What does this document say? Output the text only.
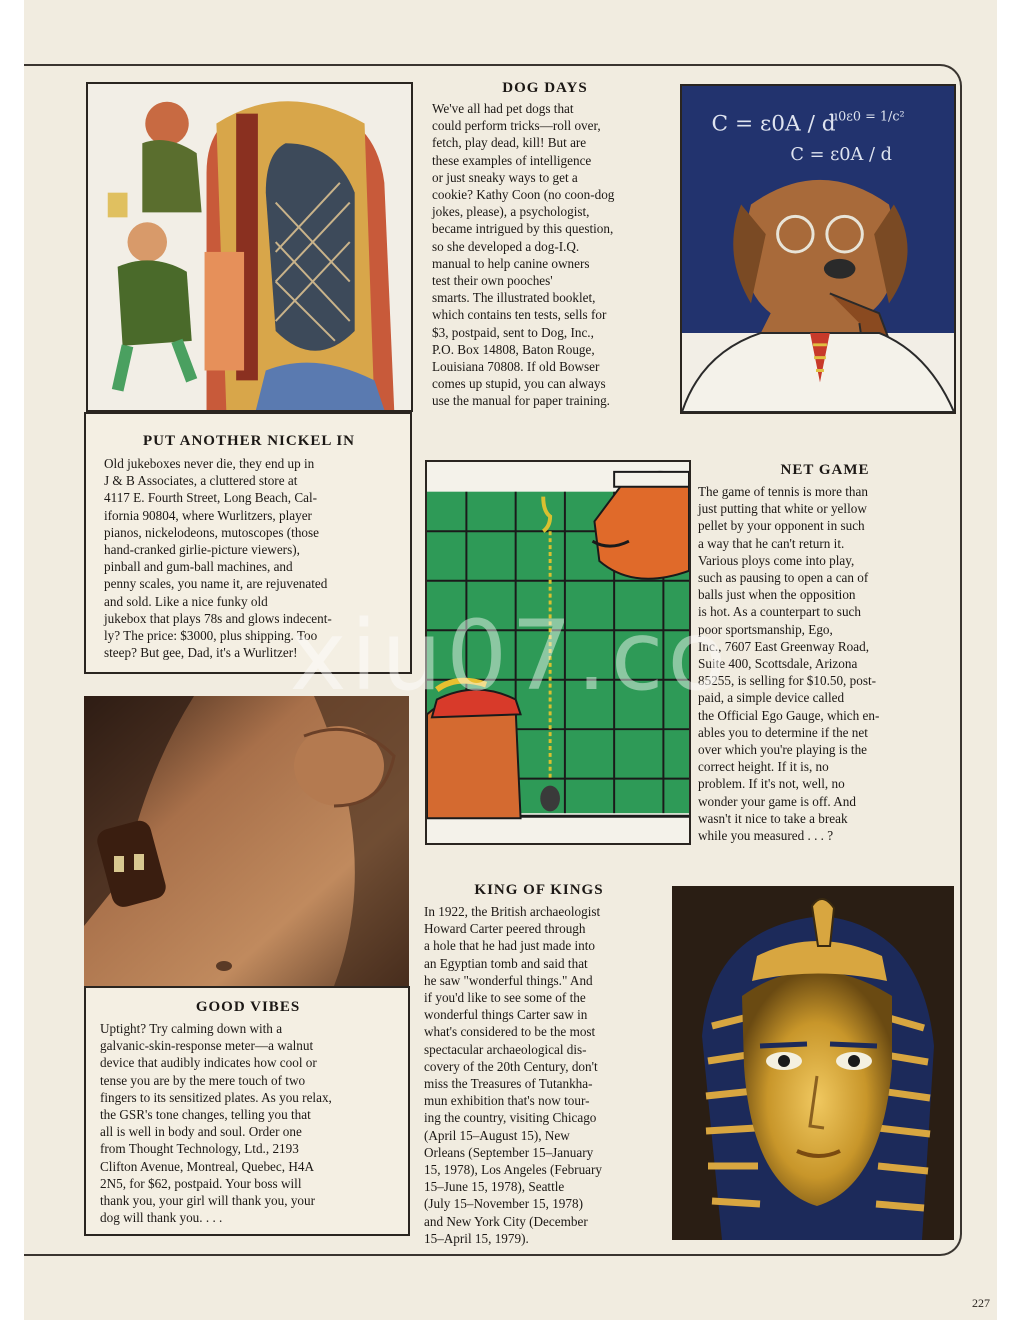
DOG DAYS
We've all had pet dogs that
could perform tricks—roll over,
fetch, play dead, kill! But are
these examples of intelligence
or just sneaky ways to get a
cookie? Kathy Coon (no coon-dog
jokes, please), a psychologist,
became intrigued by this question,
so she developed a dog-I.Q.
manual to help canine owners
test their own pooches'
smarts. The illustrated booklet,
which contains ten tests, sells for
$3, postpaid, sent to Dog, Inc.,
P.O. Box 14808, Baton Rouge,
Louisiana 70808. If old Bowser
comes up stupid, you can always
use the manual for paper training.
C = ε0A / d
μ0ε0 = 1/c²
C = ε0A / d
PUT ANOTHER NICKEL IN
Old jukeboxes never die, they end up in
J & B Associates, a cluttered store at
4117 E. Fourth Street, Long Beach, Cal-
ifornia 90804, where Wurlitzers, player
pianos, nickelodeons, mutoscopes (those
hand-cranked girlie-picture viewers),
pinball and gum-ball machines, and
penny scales, you name it, are rejuvenated
and sold. Like a nice funky old
jukebox that plays 78s and glows indecent-
ly? The price: $3000, plus shipping. Too
steep? But gee, Dad, it's a Wurlitzer!
NET GAME
The game of tennis is more than
just putting that white or yellow
pellet by your opponent in such
a way that he can't return it.
Various ploys come into play,
such as pausing to open a can of
balls just when the opposition
is hot. As a counterpart to such
poor sportsmanship, Ego,
Inc., 7607 East Greenway Road,
Suite 400, Scottsdale, Arizona
85255, is selling for $10.50, post-
paid, a simple device called
the Official Ego Gauge, which en-
ables you to determine if the net
over which you're playing is the
correct height. If it is, no
problem. If it's not, well, no
wonder your game is off. And
wasn't it nice to take a break
while you measured . . . ?
GOOD VIBES
Uptight? Try calming down with a
galvanic-skin-response meter—a walnut
device that audibly indicates how cool or
tense you are by the mere touch of two
fingers to its sensitized plates. As you relax,
the GSR's tone changes, telling you that
all is well in body and soul. Order one
from Thought Technology, Ltd., 2193
Clifton Avenue, Montreal, Quebec, H4A
2N5, for $62, postpaid. Your boss will
thank you, your girl will thank you, your
dog will thank you. . . .
KING OF KINGS
In 1922, the British archaeologist
Howard Carter peered through
a hole that he had just made into
an Egyptian tomb and said that
he saw "wonderful things." And
if you'd like to see some of the
wonderful things Carter saw in
what's considered to be the most
spectacular archaeological dis-
covery of the 20th Century, don't
miss the Treasures of Tutankha-
mun exhibition that's now tour-
ing the country, visiting Chicago
(April 15–August 15), New
Orleans (September 15–January
15, 1978), Los Angeles (February
15–June 15, 1978), Seattle
(July 15–November 15, 1978)
and New York City (December
15–April 15, 1979).
xiu07.co
227
